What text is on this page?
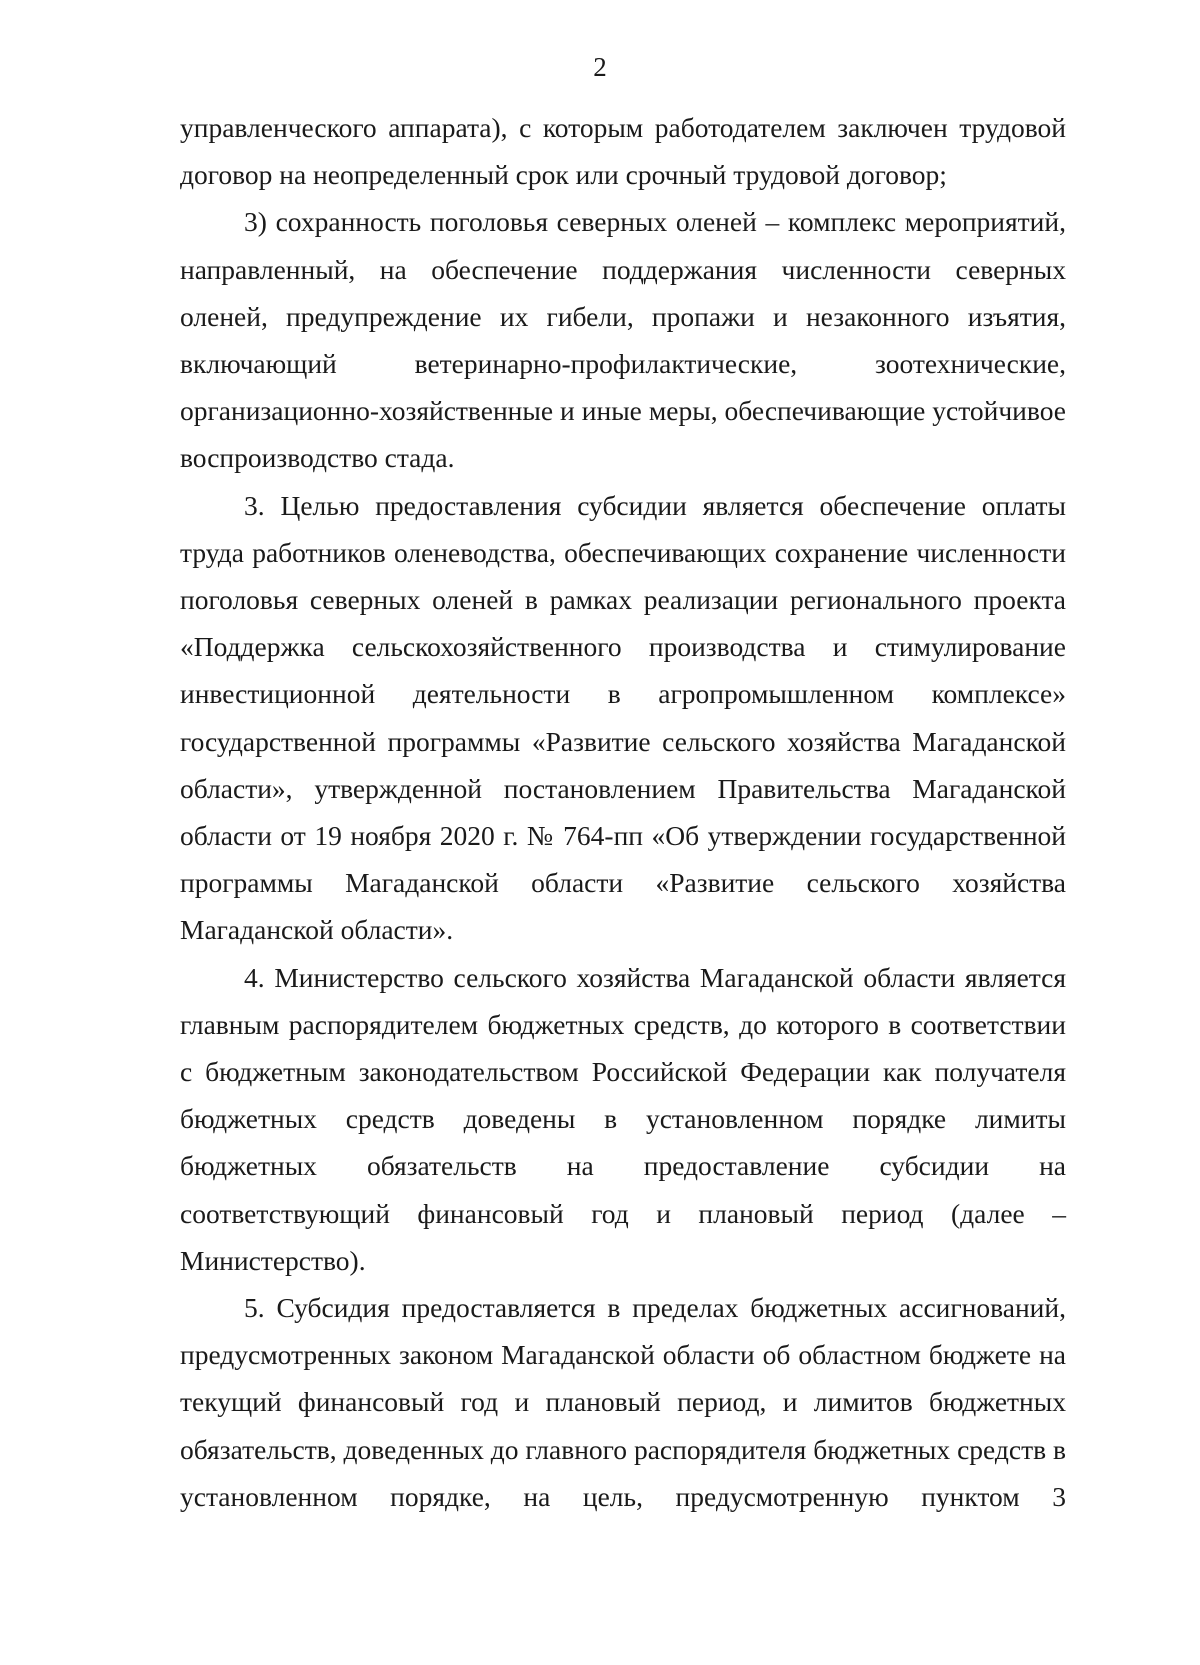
2

управленческого аппарата), с которым работодателем заключен трудовой договор на неопределенный срок или срочный трудовой договор;

3) сохранность поголовья северных оленей – комплекс мероприятий, направленный, на обеспечение поддержания численности северных оленей, предупреждение их гибели, пропажи и незаконного изъятия, включающий ветеринарно-профилактические, зоотехнические, организационно-хозяйственные и иные меры, обеспечивающие устойчивое воспроизводство стада.

3. Целью предоставления субсидии является обеспечение оплаты труда работников оленеводства, обеспечивающих сохранение численности поголовья северных оленей в рамках реализации регионального проекта «Поддержка сельскохозяйственного производства и стимулирование инвестиционной деятельности в агропромышленном комплексе» государственной программы «Развитие сельского хозяйства Магаданской области», утвержденной постановлением Правительства Магаданской области от 19 ноября 2020 г. № 764-пп «Об утверждении государственной программы Магаданской области «Развитие сельского хозяйства Магаданской области».

4. Министерство сельского хозяйства Магаданской области является главным распорядителем бюджетных средств, до которого в соответствии с бюджетным законодательством Российской Федерации как получателя бюджетных средств доведены в установленном порядке лимиты бюджетных обязательств на предоставление субсидии на соответствующий финансовый год и плановый период (далее – Министерство).

5. Субсидия предоставляется в пределах бюджетных ассигнований, предусмотренных законом Магаданской области об областном бюджете на текущий финансовый год и плановый период, и лимитов бюджетных обязательств, доведенных до главного распорядителя бюджетных средств в установленном порядке, на цель, предусмотренную пунктом 3
